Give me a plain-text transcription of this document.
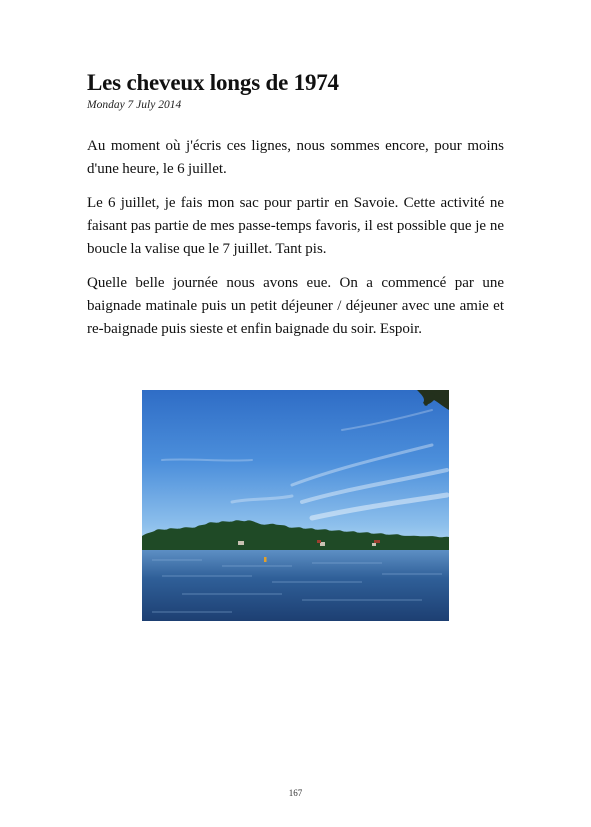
Les cheveux longs de 1974
Monday 7 July 2014

Au moment où j'écris ces lignes, nous sommes encore, pour moins d'une heure, le 6 juillet.

Le 6 juillet, je fais mon sac pour partir en Savoie. Cette activité ne faisant pas partie de mes passe-temps favoris, il est possible que je ne boucle la valise que le 7 juillet. Tant pis.

Quelle belle journée nous avons eue. On a commencé par une baignade matinale puis un petit déjeuner / déjeuner avec une amie et re-baignade puis sieste et enfin baignade du soir. Espoir.

167
